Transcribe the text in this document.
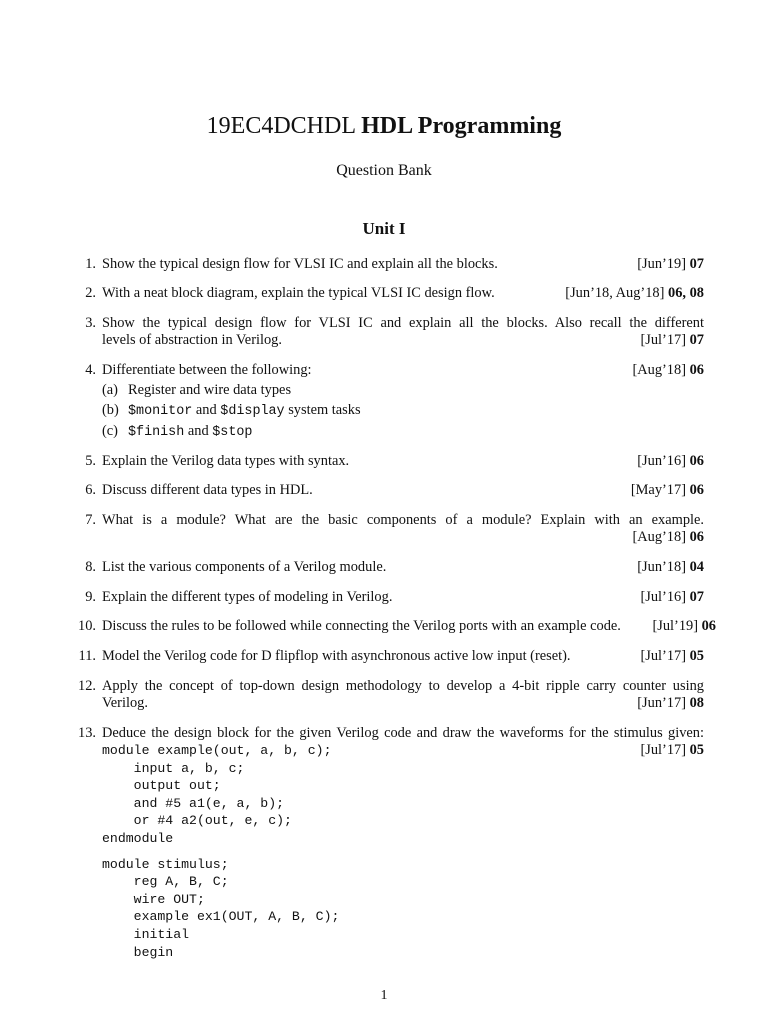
19EC4DCHDL HDL Programming
Question Bank
Unit I
1. Show the typical design flow for VLSI IC and explain all the blocks.	[Jun’19] 07
2. With a neat block diagram, explain the typical VLSI IC design flow.	[Jun’18, Aug’18] 06, 08
3. Show the typical design flow for VLSI IC and explain all the blocks. Also recall the different
levels of abstraction in Verilog.	[Jul’17] 07
4. Differentiate between the following:	[Aug’18] 06
(a) Register and wire data types
(b) $monitor and $display system tasks
(c) $finish and $stop
5. Explain the Verilog data types with syntax.	[Jun’16] 06
6. Discuss different data types in HDL.	[May’17] 06
7. What is a module? What are the basic components of a module? Explain with an example.
[Aug’18] 06
8. List the various components of a Verilog module.	[Jun’18] 04
9. Explain the different types of modeling in Verilog.	[Jul’16] 07
10. Discuss the rules to be followed while connecting the Verilog ports with an example code. [Jul’19] 06
11. Model the Verilog code for D flipflop with asynchronous active low input (reset).	[Jul’17] 05
12. Apply the concept of top-down design methodology to develop a 4-bit ripple carry counter using
Verilog.	[Jun’17] 08
13. Deduce the design block for the given Verilog code and draw the waveforms for the stimulus given:
module example(out, a, b, c);	[Jul’17] 05
input a, b, c;
output out;
and #5 a1(e, a, b);
or #4 a2(out, e, c);
endmodule
module stimulus;
reg A, B, C;
wire OUT;
example ex1(OUT, A, B, C);
initial
begin
1
